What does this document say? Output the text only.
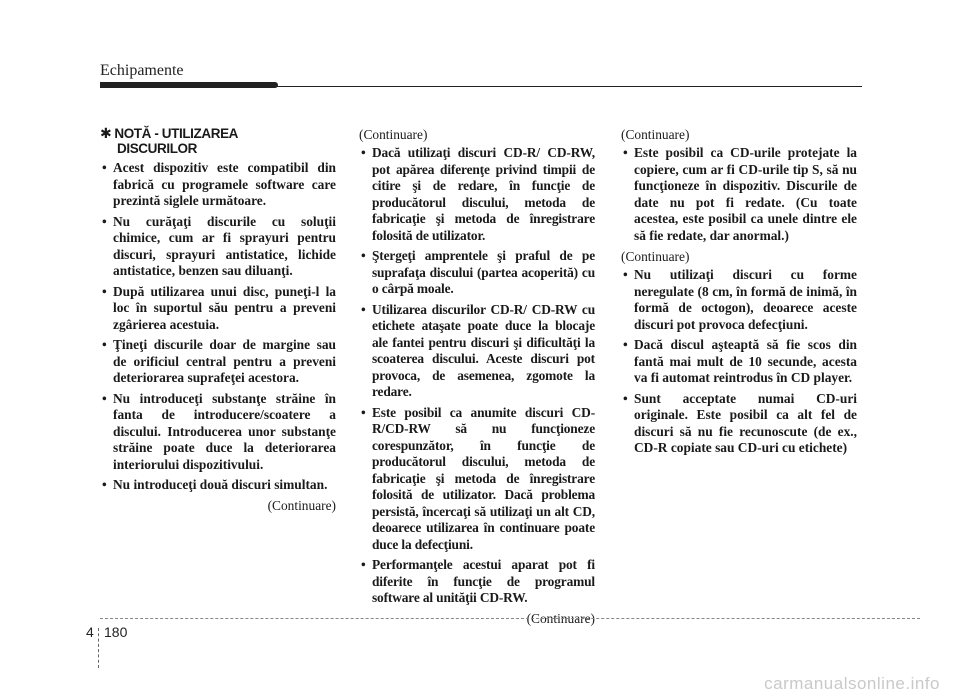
Echipamente
✱ NOTĂ - UTILIZAREA
DISCURILOR
• Acest dispozitiv este compatibil din fabrică cu programele software care prezintă siglele următoare.
• Nu curăţaţi discurile cu soluţii chimice, cum ar fi sprayuri pentru discuri, sprayuri antistatice, lichide antistatice, benzen sau diluanţi.
• După utilizarea unui disc, puneţi-l la loc în suportul său pentru a preveni zgârierea acestuia.
• Ţineţi discurile doar de margine sau de orificiul central pentru a preveni deteriorarea suprafeţei acestora.
• Nu introduceţi substanţe străine în fanta de introducere/scoatere a discului. Introducerea unor substanţe străine poate duce la deteriorarea interiorului dispozitivului.
• Nu introduceţi două discuri simultan.
(Continuare)
(Continuare)
• Dacă utilizaţi discuri CD-R/ CD-RW, pot apărea diferenţe privind timpii de citire şi de redare, în funcţie de producătorul discului, metoda de fabricaţie şi metoda de înregistrare folosită de utilizator.
• Ştergeţi amprentele şi praful de pe suprafaţa discului (partea acoperită) cu o cârpă moale.
• Utilizarea discurilor CD-R/ CD-RW cu etichete ataşate poate duce la blocaje ale fantei pentru discuri şi dificultăţi la scoaterea discului. Aceste discuri pot provoca, de asemenea, zgomote la redare.
• Este posibil ca anumite discuri CD-R/CD-RW să nu funcţioneze corespunzător, în funcţie de producătorul discului, metoda de fabricaţie şi metoda de înregistrare folosită de utilizator. Dacă problema persistă, încercaţi să utilizaţi un alt CD, deoarece utilizarea în continuare poate duce la defecţiuni.
• Performanţele acestui aparat pot fi diferite în funcţie de programul software al unităţii CD-RW.
(Continuare)
(Continuare)
• Este posibil ca CD-urile protejate la copiere, cum ar fi CD-urile tip S, să nu funcţioneze în dispozitiv. Discurile de date nu pot fi redate. (Cu toate acestea, este posibil ca unele dintre ele să fie redate, dar anormal.)
(Continuare)
• Nu utilizaţi discuri cu forme neregulate (8 cm, în formă de inimă, în formă de octogon), deoarece aceste discuri pot provoca defecţiuni.
• Dacă discul aşteaptă să fie scos din fantă mai mult de 10 secunde, acesta va fi automat reintrodus în CD player.
• Sunt acceptate numai CD-uri originale. Este posibil ca alt fel de discuri să nu fie recunoscute (de ex., CD-R copiate sau CD-uri cu etichete)
4 180
carmanualsonline.info
